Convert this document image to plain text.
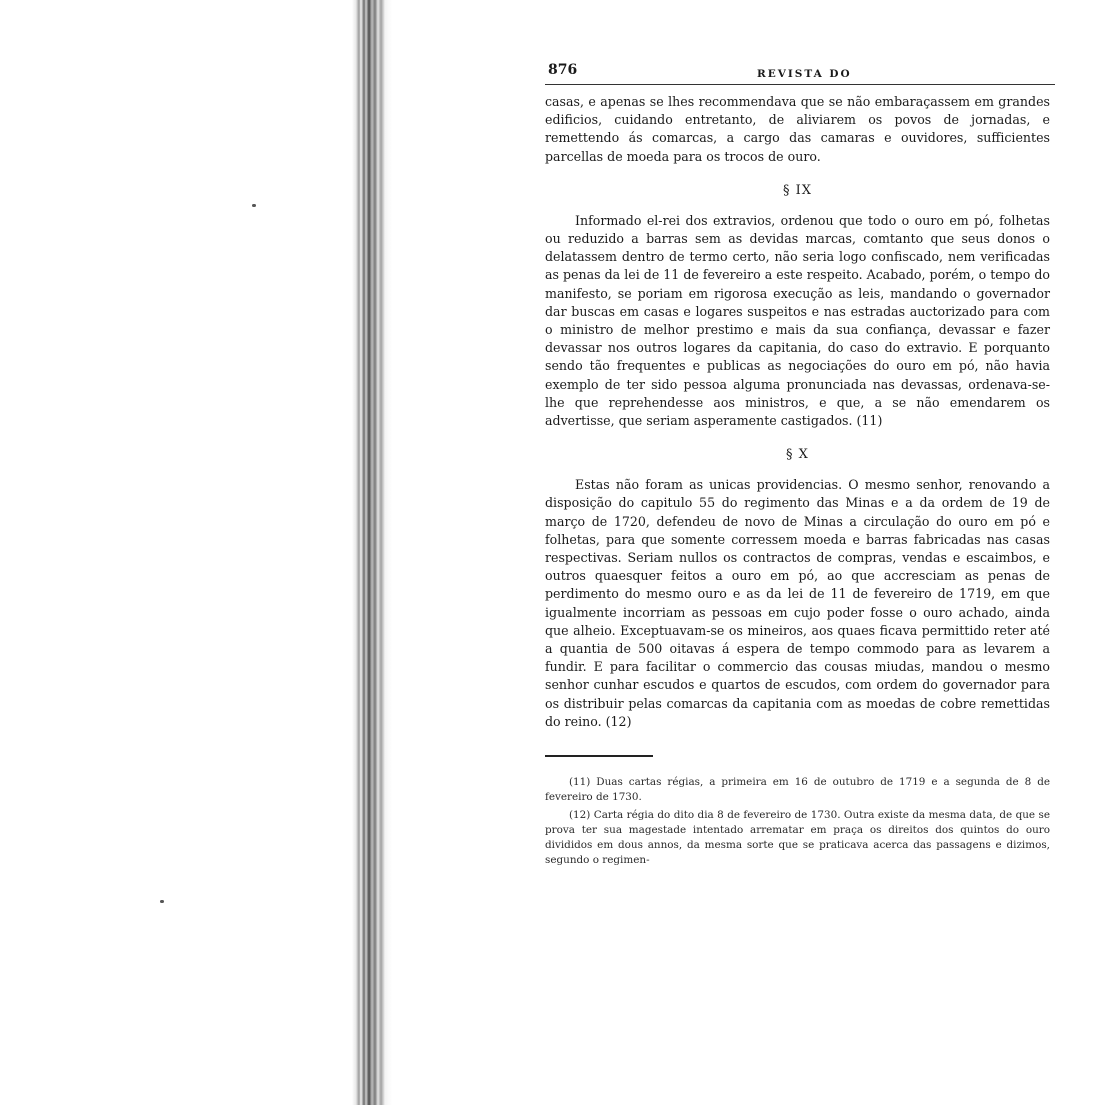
876	REVISTA DO

casas, e apenas se lhes recommendava que se não embaraçassem em grandes edificios, cuidando entretanto, de aliviarem os povos de jornadas, e remettendo ás comarcas, a cargo das camaras e ouvidores, sufficientes parcellas de moeda para os trocos de ouro.

§ IX

Informado el-rei dos extravios, ordenou que todo o ouro em pó, folhetas ou reduzido a barras sem as devidas marcas, comtanto que seus donos o delatassem dentro de termo certo, não seria logo confiscado, nem verificadas as penas da lei de 11 de fevereiro a este respeito. Acabado, porém, o tempo do manifesto, se poriam em rigorosa execução as leis, mandando o governador dar buscas em casas e logares suspeitos e nas estradas auctorizado para com o ministro de melhor prestimo e mais da sua confiança, devassar e fazer devassar nos outros logares da capitania, do caso do extravio. E porquanto sendo tão frequentes e publicas as negociações do ouro em pó, não havia exemplo de ter sido pessoa alguma pronunciada nas devassas, ordenava-se-lhe que reprehendesse aos ministros, e que, a se não emendarem os advertisse, que seriam asperamente castigados. (11)

§ X

Estas não foram as unicas providencias. O mesmo senhor, renovando a disposição do capitulo 55 do regimento das Minas e a da ordem de 19 de março de 1720, defendeu de novo de Minas a circulação do ouro em pó e folhetas, para que somente corressem moeda e barras fabricadas nas casas respectivas. Seriam nullos os contractos de compras, vendas e escaimbos, e outros quaesquer feitos a ouro em pó, ao que accresciam as penas de perdimento do mesmo ouro e as da lei de 11 de fevereiro de 1719, em que igualmente incorriam as pessoas em cujo poder fosse o ouro achado, ainda que alheio. Exceptuavam-se os mineiros, aos quaes ficava permittido reter até a quantia de 500 oitavas á espera de tempo commodo para as levarem a fundir. E para facilitar o commercio das cousas miudas, mandou o mesmo senhor cunhar escudos e quartos de escudos, com ordem do governador para os distribuir pelas comarcas da capitania com as moedas de cobre remettidas do reino. (12)

(11) Duas cartas régias, a primeira em 16 de outubro de 1719 e a segunda de 8 de fevereiro de 1730.

(12) Carta régia do dito dia 8 de fevereiro de 1730. Outra existe da mesma data, de que se prova ter sua magestade intentado arrematar em praça os direitos dos quintos do ouro divididos em dous annos, da mesma sorte que se praticava acerca das passagens e dizimos, segundo o regimen-
